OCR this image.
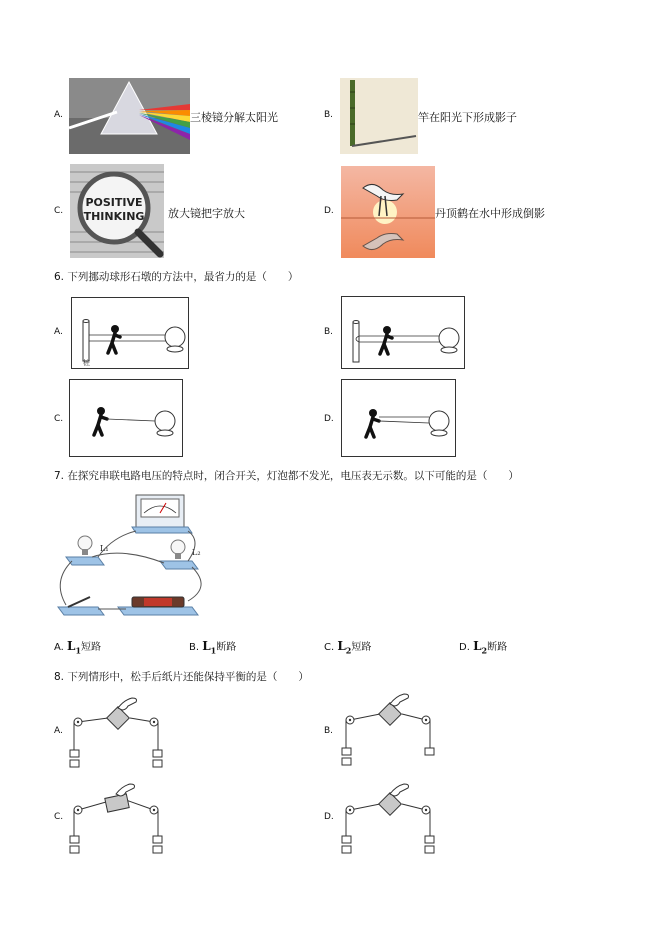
A.	三棱镜分解太阳光	B.	竿在阳光下形成影子
C.
POSITIVE
THINKING 放大镜把字放大	D.	丹顶鹤在水中形成倒影
6. 下列挪动球形石墩的方法中，最省力的是（　　）
A.
桩
B.
C.	D.
7. 在探究串联电路电压的特点时，闭合开关，灯泡都不发光，电压表无示数。以下可能的是（　　）
L₁	L₂
A. $L_1$短路	B. $L_1$断路	C. $L_2$短路	D. $L_2$断路
8. 下列情形中，松手后纸片还能保持平衡的是（　　）
A.	B.
C.	D.
